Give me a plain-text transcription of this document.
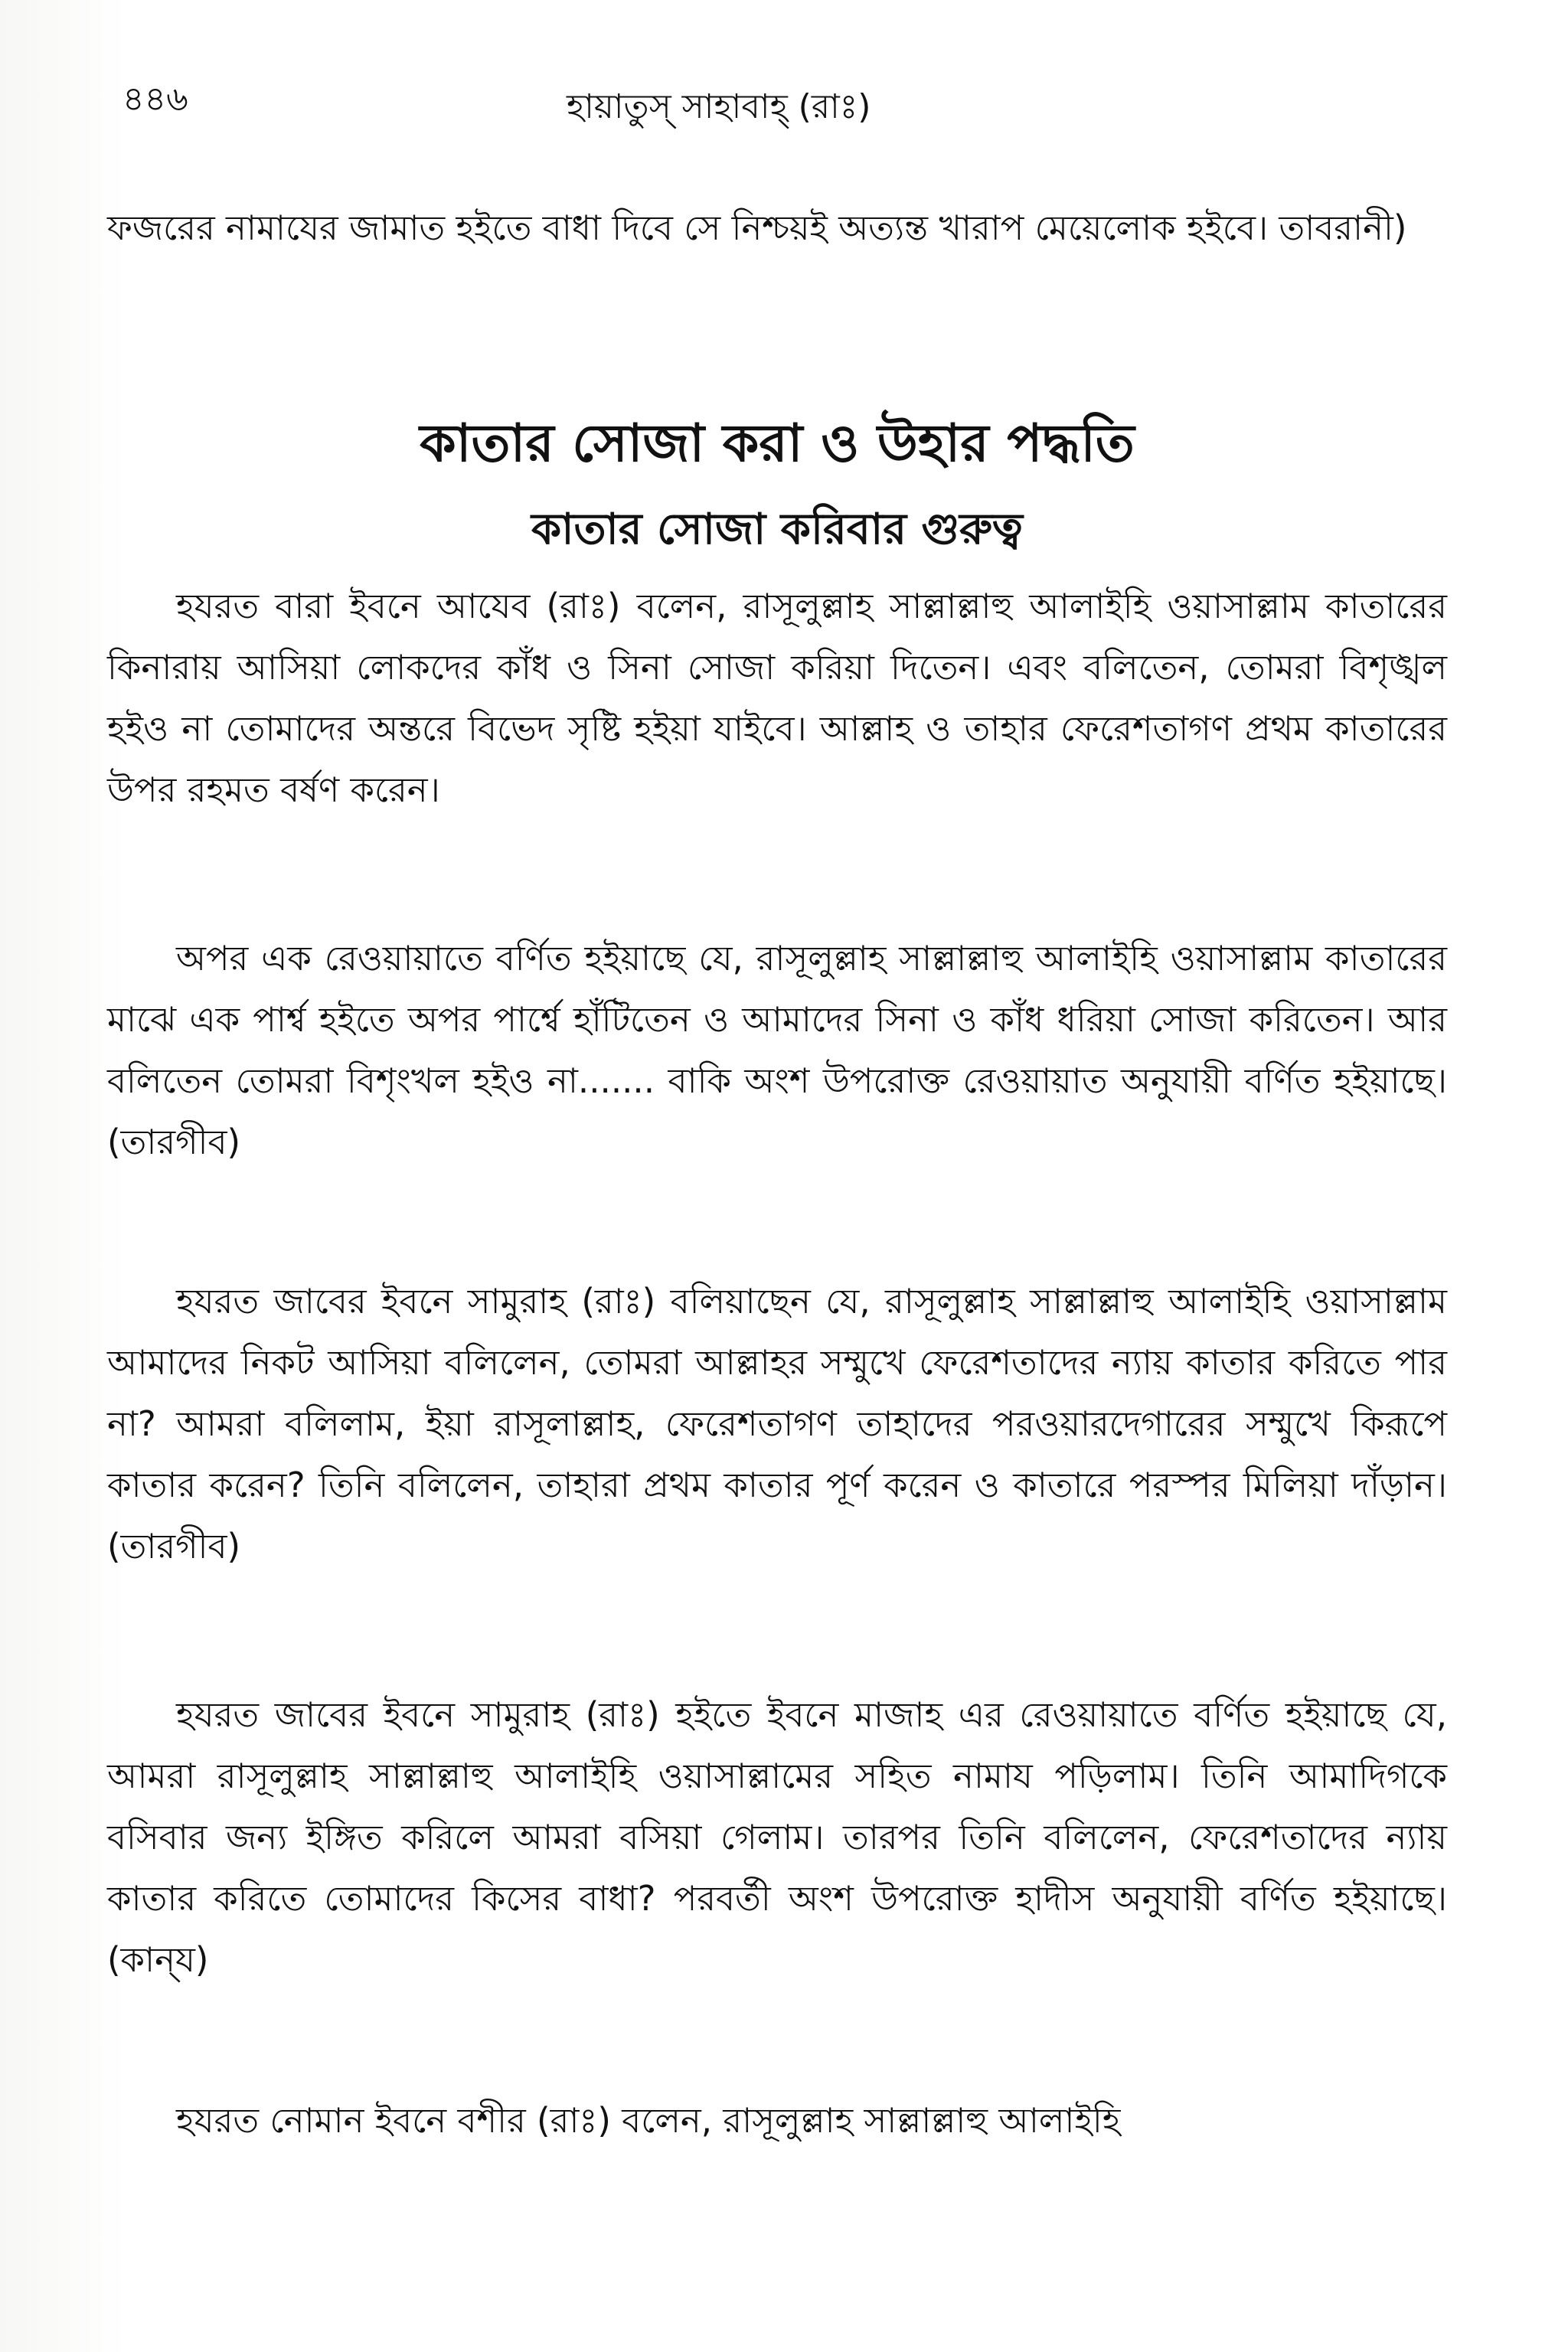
৪৪৬	হায়াতুস্ সাহাবাহ্ (রাঃ)
ফজরের নামাযের জামাত হইতে বাধা দিবে সে নিশ্চয়ই অত্যন্ত খারাপ মেয়েলোক হইবে। তাবরানী)
কাতার সোজা করা ও উহার পদ্ধতি
কাতার সোজা করিবার গুরুত্ব
হযরত বারা ইবনে আযেব (রাঃ) বলেন, রাসূলুল্লাহ সাল্লাল্লাহু আলাইহি ওয়াসাল্লাম কাতারের কিনারায় আসিয়া লোকদের কাঁধ ও সিনা সোজা করিয়া দিতেন। এবং বলিতেন, তোমরা বিশৃঙ্খল হইও না তোমাদের অন্তরে বিভেদ সৃষ্টি হইয়া যাইবে। আল্লাহ ও তাহার ফেরেশতাগণ প্রথম কাতারের উপর রহমত বর্ষণ করেন।
অপর এক রেওয়ায়াতে বর্ণিত হইয়াছে যে, রাসূলুল্লাহ সাল্লাল্লাহু আলাইহি ওয়াসাল্লাম কাতারের মাঝে এক পার্শ্ব হইতে অপর পার্শ্বে হাঁটিতেন ও আমাদের সিনা ও কাঁধ ধরিয়া সোজা করিতেন। আর বলিতেন তোমরা বিশৃংখল হইও না....... বাকি অংশ উপরোক্ত রেওয়ায়াত অনুযায়ী বর্ণিত হইয়াছে। (তারগীব)
হযরত জাবের ইবনে সামুরাহ (রাঃ) বলিয়াছেন যে, রাসূলুল্লাহ সাল্লাল্লাহু আলাইহি ওয়াসাল্লাম আমাদের নিকট আসিয়া বলিলেন, তোমরা আল্লাহর সম্মুখে ফেরেশতাদের ন্যায় কাতার করিতে পার না? আমরা বলিলাম, ইয়া রাসূলাল্লাহ, ফেরেশতাগণ তাহাদের পরওয়ারদেগারের সম্মুখে কিরূপে কাতার করেন? তিনি বলিলেন, তাহারা প্রথম কাতার পূর্ণ করেন ও কাতারে পরস্পর মিলিয়া দাঁড়ান। (তারগীব)
হযরত জাবের ইবনে সামুরাহ (রাঃ) হইতে ইবনে মাজাহ এর রেওয়ায়াতে বর্ণিত হইয়াছে যে, আমরা রাসূলুল্লাহ সাল্লাল্লাহু আলাইহি ওয়াসাল্লামের সহিত নামায পড়িলাম। তিনি আমাদিগকে বসিবার জন্য ইঙ্গিত করিলে আমরা বসিয়া গেলাম। তারপর তিনি বলিলেন, ফেরেশতাদের ন্যায় কাতার করিতে তোমাদের কিসের বাধা? পরবর্তী অংশ উপরোক্ত হাদীস অনুযায়ী বর্ণিত হইয়াছে। (কান্‌য)
হযরত নোমান ইবনে বশীর (রাঃ) বলেন, রাসূলুল্লাহ সাল্লাল্লাহু আলাইহি
